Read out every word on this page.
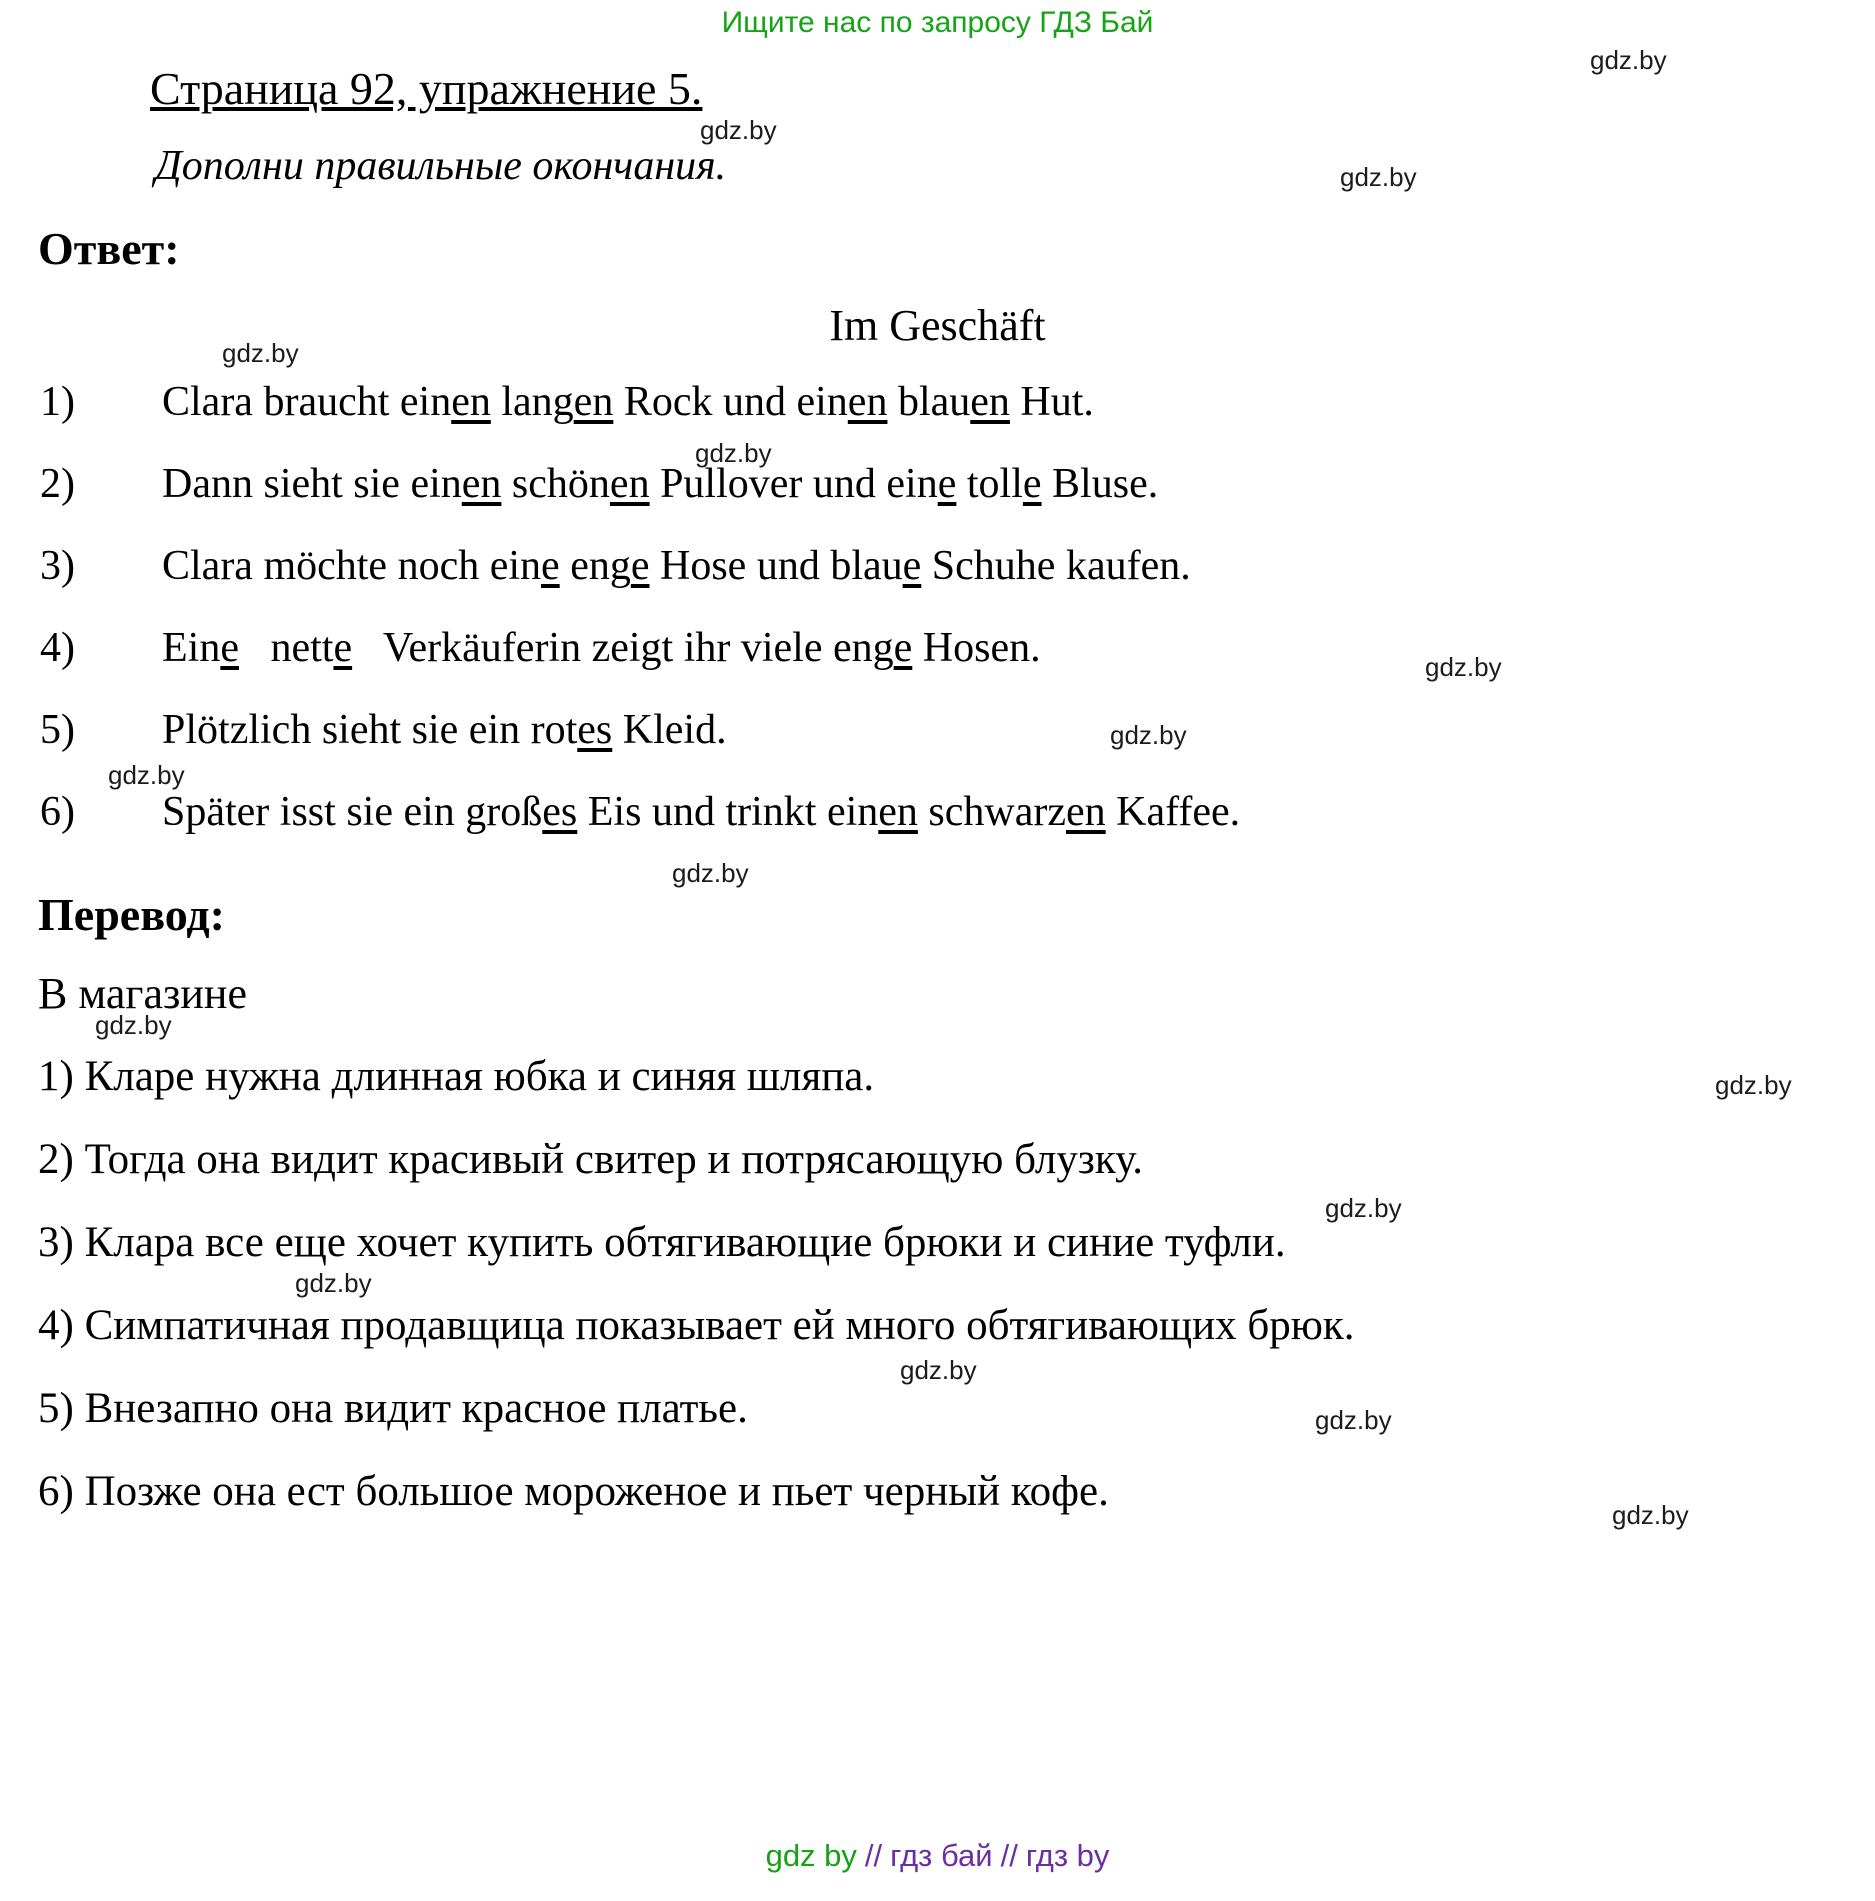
Ищите нас по запросу ГДЗ Бай
gdz.by
gdz.by
gdz.by
gdz.by
gdz.by
gdz.by
gdz.by
gdz.by
gdz.by
gdz.by
gdz.by
gdz.by
gdz.by
gdz.by
gdz.by
gdz.by
Страница 92, упражнение 5.
Дополни правильные окончания.
Ответ:
Im Geschäft
1)	Clara braucht einen langen Rock und einen blauen Hut.
2)	Dann sieht sie einen schönen Pullover und eine tolle Bluse.
3)	Clara möchte noch eine enge Hose und blaue Schuhe kaufen.
4)	Eine   nette   Verkäuferin zeigt ihr viele enge Hosen.
5)	Plötzlich sieht sie ein rotes Kleid.
6)	Später isst sie ein großes Eis und trinkt einen schwarzen Kaffee.
Перевод:
В магазине
1) Кларе нужна длинная юбка и синяя шляпа.
2) Тогда она видит красивый свитер и потрясающую блузку.
3) Клара все еще хочет купить обтягивающие брюки и синие туфли.
4) Симпатичная продавщица показывает ей много обтягивающих брюк.
5) Внезапно она видит красное платье.
6) Позже она ест большое мороженое и пьет черный кофе.
gdz by // гдз бай // гдз by
